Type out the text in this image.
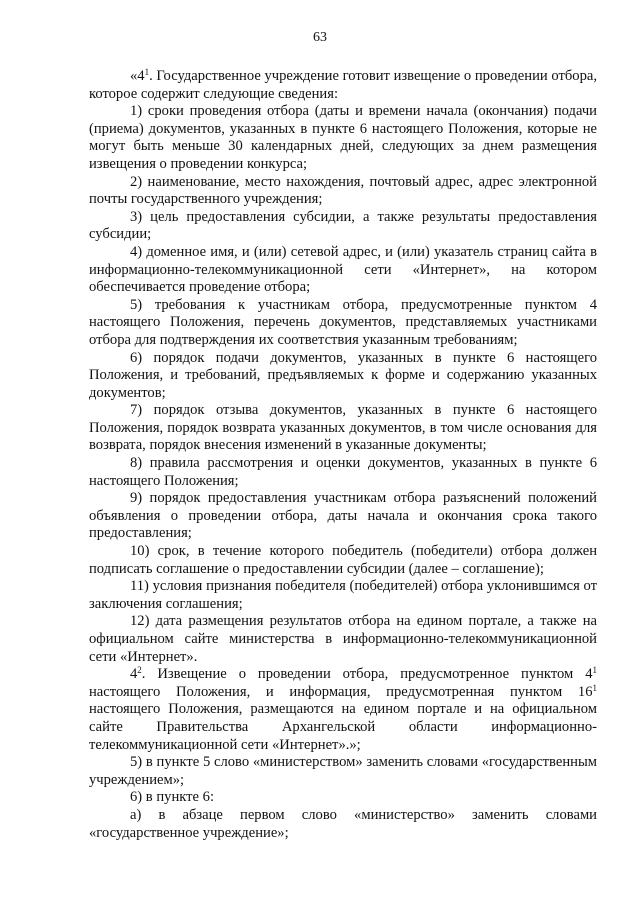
63

«$4^1$. Государственное учреждение готовит извещение о проведении отбора, которое содержит следующие сведения:

1) сроки проведения отбора (даты и времени начала (окончания) подачи (приема) документов, указанных в пункте 6 настоящего Положения, которые не могут быть меньше 30 календарных дней, следующих за днем размещения извещения о проведении конкурса;

2) наименование, место нахождения, почтовый адрес, адрес электронной почты государственного учреждения;

3) цель предоставления субсидии, а также результаты предоставления субсидии;

4) доменное имя, и (или) сетевой адрес, и (или) указатель страниц сайта в информационно-телекоммуникационной сети «Интернет», на котором обеспечивается проведение отбора;

5) требования к участникам отбора, предусмотренные пунктом 4 настоящего Положения, перечень документов, представляемых участниками отбора для подтверждения их соответствия указанным требованиям;

6) порядок подачи документов, указанных в пункте 6 настоящего Положения, и требований, предъявляемых к форме и содержанию указанных документов;

7) порядок отзыва документов, указанных в пункте 6 настоящего Положения, порядок возврата указанных документов, в том числе основания для возврата, порядок внесения изменений в указанные документы;

8) правила рассмотрения и оценки документов, указанных в пункте 6 настоящего Положения;

9) порядок предоставления участникам отбора разъяснений положений объявления о проведении отбора, даты начала и окончания срока такого предоставления;

10) срок, в течение которого победитель (победители) отбора должен подписать соглашение о предоставлении субсидии (далее – соглашение);

11) условия признания победителя (победителей) отбора уклонившимся от заключения соглашения;

12) дата размещения результатов отбора на едином портале, а также на официальном сайте министерства в информационно-телекоммуникационной сети «Интернет».

$4^2$. Извещение о проведении отбора, предусмотренное пунктом $4^1$ настоящего Положения, и информация, предусмотренная пунктом $16^1$ настоящего Положения, размещаются на едином портале и на официальном сайте Правительства Архангельской области информационно-телекоммуникационной сети «Интернет».»;

5) в пункте 5 слово «министерством» заменить словами «государственным учреждением»;

6) в пункте 6:

а) в абзаце первом слово «министерство» заменить словами «государственное учреждение»;
